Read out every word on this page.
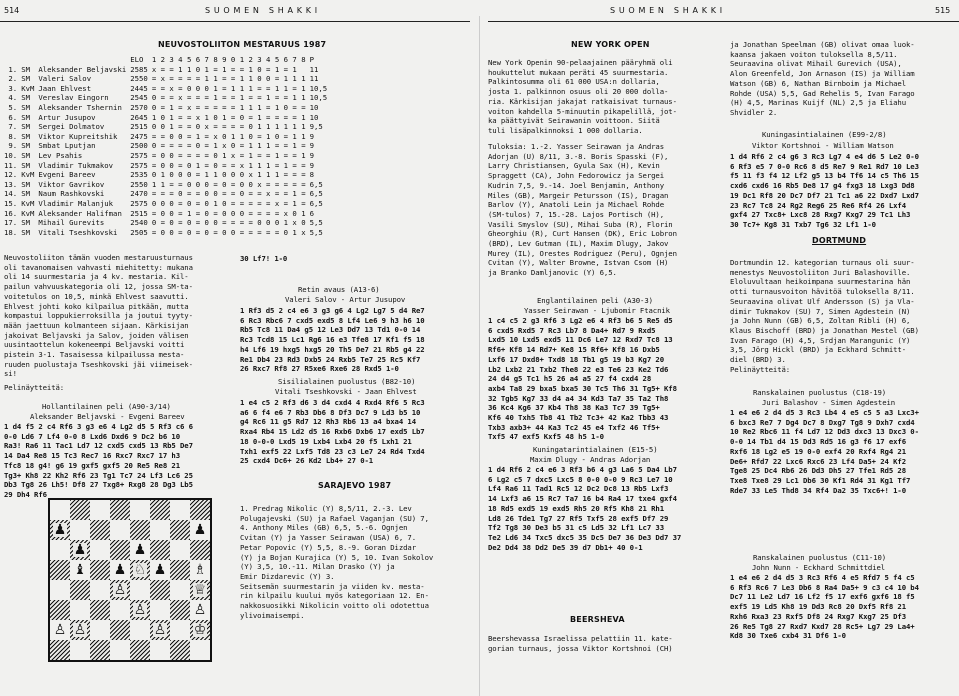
514	S U O M E N   S H A K K I	S U O M E N   S H A K K I	515
NEUVOSTOLIITON MESTARUUS 1987
			ELO	1 2 3 4 5 6 7 8 9 0 1 2 3 4 5 6 7 8	P
1.	SM	Aleksander Beljavski	2585	x = = 1 1 0 1 = 1 = = 1 0 = 1 = 1	11
2.	SM	Valeri Salov	2550	= x = = = = 1 1 = = 1 1 0 0 = 1 1 1	11
3.	KvM	Jaan Ehlvest	2445	= = x = 0 0 0 1 = 1 1 1 = = 1 1 = 1	10,5
4.	SM	Vereslav Eingorn	2545	0 = = x = = = 1 = = 1 = = 1 = = 1 1	10,5
5.	SM	Aleksander Tshernin	2570	0 = 1 = x = = = = = 1 1 1 = 1 0 = =	10
6.	SM	Artur Jusupov	2645	1 0 1 = = x 1 0 1 = 0 = 1 = = = = 1	10
7.	SM	Sergei Dolmatov	2515	0 0 1 = = 0 x = = = = 0 1 1 1 1 1 1	9,5
8.	SM	Viktor Kupreitshik	2475	= = 0 0 = 1 = x 0 1 1 0 = 1 0 = 1 1	9
9.	SM	Smbat Lputjan	2500	0 = = = = 0 = 1 x 0 = 1 1 1 = = 1 =	9
10.	SM	Lev Psahis	2575	= 0 0 = = = = 0 1 x = 1 = = 1 = = 1	9
11.	SM	Vladimir Tukmakov	2575	= 0 0 = 0 1 = 0 = = x 1 1 1 = 1 = =	9
12.	KvM	Evgeni Bareev	2535	0 1 0 0 0 = 1 1 0 0 0 x 1 1 1 = = =	8
13.	SM	Viktor Gavrikov	2550	1 1 = = 0 0 0 = 0 = 0 0 x = = = = =	6,5
14.	SM	Naum Rashkovski	2470	= = = 0 = = 0 0 = = 0 = = x = = 1 =	6,5
15.	KvM	Vladimir Malanjuk	2575	0 0 0 = 0 = 0 1 0 = = = = = x = 1 =	6,5
16.	KvM	Aleksander Halifman	2515	= 0 0 = 1 = 0 = 0 0 0 = = = = x 0 1	6
17.	SM	Mihail Gurevits	2540	0 = 0 = 0 = 0 0 = = = = 0 0 0 1 x 0	5,5
18.	SM	Vitali Tseshkovski	2505	= 0 0 = 0 = 0 = 0 0 = = = = = 0 1 x	5,5
Neuvostoliiton tämän vuoden mestaruusturnaus
oli tavanomaisen vahvasti miehitetty: mukana
oli 14 suurmestaria ja 4 kv. mestaria. Kil-
pailun vahvuuskategoria oli 12, jossa SM-ta-
voitetulos on 10,5, minkä Ehlvest saavutti.
Ehlvest johti koko kilpailua pitkään, mutta
kompastui loppukierroksilla ja joutui tyyty-
mään jaettuun kolmanteen sijaan. Kärkisijan
jakoivat Beljavski ja Salov, joiden välisen
uusintaottelun kokeneempi Beljavski voitti
pistein 3-1. Tasaisessa kilpailussa mesta-
ruuden puolustaja Tseshkovski jäi viimeisek-
si!
Pelinäytteitä:
Hollantilainen peli (A90-3/14)
Aleksander Beljavski - Evgeni Bareev
1 d4 f5 2 c4 Rf6 3 g3 e6 4 Lg2 d5 5 Rf3 c6 6
0-0 Ld6 7 Lf4 0-0 8 Lxd6 Dxd6 9 Dc2 b6 10
Ra3! Ra6 11 Tac1 Ld7 12 cxd5 cxd5 13 Rb5 De7
14 Da4 Re8 15 Tc3 Rec7 16 Rxc7 Rxc7 17 h3
Tfc8 18 g4! g6 19 gxf5 gxf5 20 Re5 Re8 21
Tg3+ Kh8 22 Kh2 Rf6 23 Tg1 Tc7 24 Lf3 Lc6 25
Db3 Tg8 26 Lh5! Df8 27 Txg8+ Rxg8 28 Dg3 Lb5
29 Dh4 Rf6
♟	♟
♟	♟
♝ ♟ ♘ ♟ ♗
♙	♕
♙	♙
♙ ♙	♙ ♔
30 Lf7! 1-0
Retin avaus (A13-6)
Valeri Salov - Artur Jusupov
1 Rf3 d5 2 c4 e6 3 g3 g6 4 Lg2 Lg7 5 d4 Re7
6 Rc3 Rbc6 7 cxd5 exd5 8 Lf4 Le6 9 h3 h6 10
Rb5 Tc8 11 Da4 g5 12 Le3 Dd7 13 Td1 0-0 14
Rc3 Tcd8 15 Lc1 Rg6 16 e3 Tfe8 17 Kf1 f5 18
h4 Lf6 19 hxg5 hxg5 20 Th5 De7 21 Rb5 g4 22
Re1 Db4 23 Rd3 Dxb5 24 Rxb5 Te7 25 Rc5 Kf7
26 Rxc7 Rf8 27 R5xe6 Rxe6 28 Rxd5 1-0
Sisilialainen puolustus (B82-10)
Vitali Tseshkovski - Jaan Ehlvest
1 e4 c5 2 Rf3 d6 3 d4 cxd4 4 Rxd4 Rf6 5 Rc3
a6 6 f4 e6 7 Rb3 Db6 8 Df3 Dc7 9 Ld3 b5 10
g4 Rc6 11 g5 Rd7 12 Rh3 Rb6 13 a4 bxa4 14
Rxa4 Rb4 15 Ld2 d5 16 Rxb6 Dxb6 17 exd5 Lb7
18 0-0-0 Lxd5 19 Lxb4 Lxb4 20 f5 Lxh1 21
Txh1 exf5 22 Lxf5 Td8 23 c3 Le7 24 Rd4 Txd4
25 cxd4 Dc6+ 26 Kd2 Lb4+ 27 0-1
SARAJEVO 1987
1. Predrag Nikolic (Y) 8,5/11, 2.-3. Lev
Polugajevski (SU) ja Rafael Vaganjan (SU) 7,
4. Anthony Miles (GB) 6,5, 5.-6. Ognjen
Cvitan (Y) ja Yasser Seirawan (USA) 6, 7.
Petar Popovic (Y) 5,5, 8.-9. Goran Dizdar
(Y) ja Bojan Kurajica (Y) 5, 10. Ivan Sokolov
(Y) 3,5, 10.-11. Milan Drasko (Y) ja
Emir Dizdarevic (Y) 3.
Seitsemän suurmestarin ja viiden kv. mesta-
rin kilpailu kuului myös kategoriaan 12. En-
nakkosuosikki Nikolicin voitto oli odotettua
ylivoimaisempi.
NEW YORK OPEN
New York Openin 90-pelaajainen pääryhmä oli
houkuttelut mukaan peräti 45 suurmestaria.
Palkintosumma oli 61 000 USA:n dollaria,
josta 1. palkinnon osuus oli 20 000 dolla-
ria. Kärkisijan jakajat ratkaisivat turnaus-
voiton kahdella 5-minuutin pikapelillä, jot-
ka päättyivät Seirawanin voittoon. Siitä
tuli lisäpalkinnoksi 1 000 dollaria.
Tuloksia: 1.-2. Yasser Seirawan ja Andras
Adorjan (U) 8/11, 3.-8. Boris Spasski (F),
Larry Christiansen, Gyula Sax (H), Kevin
Spraggett (CA), John Fedorowicz ja Sergei
Kudrin 7,5, 9.-14. Joel Benjamin, Anthony
Miles (GB), Margeir Petursson (IS), Dragan
Barlov (Y), Anatoli Lein ja Michael Rohde
(SM-tulos) 7, 15.-28. Lajos Portisch (H),
Vasili Smyslov (SU), Mihai Suba (R), Florin
Gheorghiu (R), Curt Hansen (DK), Eric Lobron
(BRD), Lev Gutman (IL), Maxim Dlugy, Jakov
Murey (IL), Orestes Rodriguez (Peru), Ognjen
Cvitan (Y), Walter Browne, Istvan Csom (H)
ja Branko Damljanovic (Y) 6,5.
Englantilainen peli (A30-3)
Yasser Seirawan - Ljubomir Ftacnik
1 c4 c5 2 g3 Rf6 3 Lg2 e6 4 Rf3 b6 5 Re5 d5
6 cxd5 Rxd5 7 Rc3 Lb7 8 Da4+ Rd7 9 Rxd5
Lxd5 10 Lxd5 exd5 11 Dc6 Le7 12 Rxd7 Tc8 13
Rf6+ Kf8 14 Rd7+ Ke8 15 Rf6+ Kf8 16 Dxb5
Lxf6 17 Dxd8+ Txd8 18 Tb1 g5 19 b3 Kg7 20
Lb2 Lxb2 21 Txb2 The8 22 e3 Te6 23 Ke2 Td6
24 d4 g5 Tc1 h5 26 a4 a5 27 f4 cxd4 28
axb4 Ta8 29 bxa5 bxa5 30 Tc5 Th6 31 Tg5+ Kf8
32 Tgb5 Kg7 33 d4 a4 34 Kd3 Ta7 35 Ta2 Th8
36 Kc4 Kg6 37 Kb4 Th8 38 Ka3 Tc7 39 Tg5+
Kf6 40 Txh5 Tb8 41 Tb2 Tc3+ 42 Ka2 Tbb3 43
Txb3 axb3+ 44 Ka3 Tc2 45 e4 Txf2 46 Tf5+
Txf5 47 exf5 Kxf5 48 h5 1-0
Kuningatarintialainen (E15-5)
Maxim Dlugy - Andras Adorjan
1 d4 Rf6 2 c4 e6 3 Rf3 b6 4 g3 La6 5 Da4 Lb7
6 Lg2 c5 7 dxc5 Lxc5 8 0-0 0-0 9 Rc3 Le7 10
Lf4 Ra6 11 Tad1 Rc5 12 Dc2 Dc8 13 Rb5 Lxf3
14 Lxf3 a6 15 Rc7 Ta7 16 b4 Ra4 17 txe4 gxf4
18 Rd5 exd5 19 exd5 Rh5 20 Rf5 Kh8 21 Rh1
Ld8 26 Tde1 Tg7 27 Rf5 Txf5 28 exf5 Df7 29
Tf2 Tg8 30 De3 b5 31 c5 Ld5 32 Lf1 Lc7 33
Te2 Ld6 34 Txc5 dxc5 35 Dc5 De7 36 De3 Dd7 37
De2 Dd4 38 Dd2 De5 39 d7 Db1+ 40 0-1
BEERSHEVA
Beershevassa Israelissa pelattiin 11. kate-
gorian turnaus, jossa Viktor Kortshnoi (CH)
ja Jonathan Speelman (GB) olivat omaa luok-
kaansa jakaen voiton tuloksella 8,5/11.
Seuraavina olivat Mihail Gurevich (USA),
Alon Greenfeld, Jon Arnason (IS) ja William
Watson (GB) 6, Nathan Birnboim ja Michael
Rohde (USA) 5,5, Gad Rehelis 5, Ivan Farago
(H) 4,5, Marinas Kuijf (NL) 2,5 ja Eliahu
Shvidler 2.
Kuningasintialainen (E99-2/8)
Viktor Kortshnoi - William Watson
1 d4 Rf6 2 c4 g6 3 Rc3 Lg7 4 e4 d6 5 Le2 0-0
6 Rf3 e5 7 0-0 Rc6 8 d5 Re7 9 Re1 Rd7 10 Le3
f5 11 f3 f4 12 Lf2 g5 13 b4 Tf6 14 c5 Th6 15
cxd6 cxd6 16 Rb5 De8 17 g4 fxg3 18 Lxg3 Dd8
19 Dc1 Rf8 20 Dc7 Df7 21 Tc1 a6 22 Dxd7 Lxd7
23 Rc7 Tc8 24 Rg2 Reg6 25 Re6 Rf4 26 Lxf4
gxf4 27 Txc8+ Lxc8 28 Rxg7 Kxg7 29 Tc1 Lh3
30 Tc7+ Kg8 31 Txb7 Tg6 32 Lf1 1-0
DORTMUND
Dortmundin 12. kategorian turnaus oli suur-
menestys Neuvostoliiton Juri Balashoville.
Eloluvultaan heikoimpana suurmestarina hän
otti turnausvoiton hävitöä tuloksella 8/11.
Seuraavina olivat Ulf Andersson (S) ja Vla-
dimir Tukmakov (SU) 7, Simen Agdestein (N)
ja John Nunn (GB) 6,5, Zoltan Ribli (H) 6,
Klaus Bischoff (BRD) ja Jonathan Mestel (GB)
Ivan Farago (H) 4,5, Srdjan Marangunic (Y)
3,5, Jörg Hickl (BRD) ja Eckhard Schmitt-
diel (BRD) 3.
Pelinäytteitä:
Ranskalainen puolustus (C18-19)
Juri Balashov - Simen Agdestein
1 e4 e6 2 d4 d5 3 Rc3 Lb4 4 e5 c5 5 a3 Lxc3+
6 bxc3 Re7 7 Dg4 Dc7 8 Dxg7 Tg8 9 Dxh7 cxd4
10 Re2 Rbc6 11 f4 Ld7 12 Dd3 dxc3 13 Dxc3 0-
0-0 14 Tb1 d4 15 Dd3 Rd5 16 g3 f6 17 exf6
Rxf6 18 Lg2 e5 19 0-0 exf4 20 Rxf4 Rg4 21
De6+ Rfd7 22 Lxc6 Rxc6 23 Lf4 Da5+ 24 Kf2
Tge8 25 Dc4 Rb6 26 Dd3 Dh5 27 Tfe1 Rd5 28
Txe8 Txe8 29 Lc1 Db6 30 Kf1 Rd4 31 Kg1 Tf7
Rde7 33 Le5 Thd8 34 Rf4 Da2 35 Txc6+! 1-0
Ranskalainen puolustus (C11-10)
John Nunn - Eckhard Schmittdiel
1 e4 e6 2 d4 d5 3 Rc3 Rf6 4 e5 Rfd7 5 f4 c5
6 Rf3 Rc6 7 Le3 Db6 8 Ra4 Da5+ 9 c3 c4 10 b4
Dc7 11 Le2 Ld7 16 Lf2 f5 17 exf6 gxf6 18 f5
exf5 19 Ld5 Kh8 19 Dd3 Rc8 20 Dxf5 Rf8 21
Rxh6 Rxa3 23 Rxf5 Df8 24 Rxg7 Kxg7 25 Df3
26 Re5 Tg8 27 Rxd7 Kxd7 28 Rc5+ Lg7 29 La4+
Kd8 30 Txe6 cxb4 31 Df6 1-0
